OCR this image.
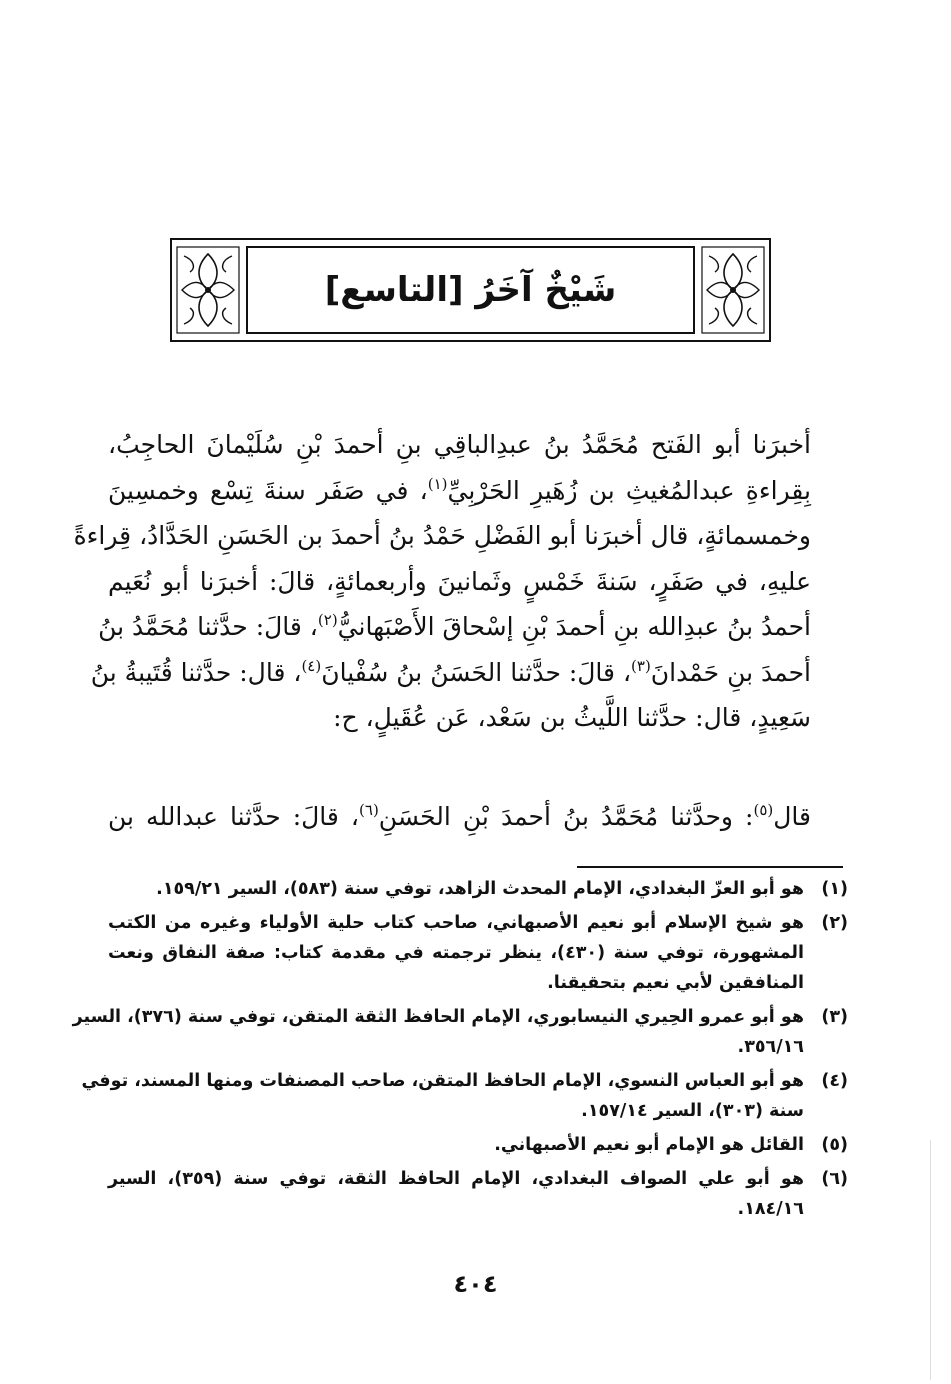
شَيْخٌ آخَرُ [التاسع]
أخبرَنا أبو الفَتح مُحَمَّدُ بنُ عبدِالباقِي بنِ أحمدَ بْنِ سُلَيْمانَ الحاجِبُ،
بِقِراءةِ عبدالمُغيثِ بن زُهَيرِ الحَرْبِيِّ$^{(١)}$، في صَفَر سنةَ تِسْع وخمسِينَ
وخمسمائةٍ، قال أخبرَنا أبو الفَضْلِ حَمْدُ بنُ أحمدَ بن الحَسَنِ الحَدَّادُ، قِراءةً
عليهِ، في صَفَرٍ، سَنةَ خَمْسٍ وثَمانينَ وأربعمائةٍ، قالَ: أخبرَنا أبو نُعَيم
أحمدُ بنُ عبدِالله بنِ أحمدَ بْنِ إسْحاقَ الأَصْبَهانيُّ$^{(٢)}$، قالَ: حدَّثنا مُحَمَّدُ بنُ
أحمدَ بنِ حَمْدانَ$^{(٣)}$، قالَ: حدَّثنا الحَسَنُ بنُ سُفْيانَ$^{(٤)}$، قال: حدَّثنا قُتَيبةُ بنُ
سَعِيدٍ، قال: حدَّثنا اللَّيثُ بن سَعْد، عَن عُقَيلٍ، ح:
قال$^{(٥)}$: وحدَّثنا مُحَمَّدُ بنُ أحمدَ بْنِ الحَسَنِ$^{(٦)}$، قالَ: حدَّثنا عبدالله بن
(١)
هو أبو العزّ البغدادي، الإمام المحدث الزاهد، توفي سنة (٥٨٣)، السير ١٥٩/٢١.
(٢)
هو شيخ الإسلام أبو نعيم الأصبهاني، صاحب كتاب حلية الأولياء وغيره من الكتب
المشهورة، توفي سنة (٤٣٠)، ينظر ترجمته في مقدمة كتاب: صفة النفاق ونعت
المنافقين لأبي نعيم بتحقيقنا.
(٣)
هو أبو عمرو الحِيري النيسابوري، الإمام الحافظ الثقة المتقن، توفي سنة (٣٧٦)، السير
٣٥٦/١٦.
(٤)
هو أبو العباس النسوي، الإمام الحافظ المتقن، صاحب المصنفات ومنها المسند، توفي
سنة (٣٠٣)، السير ١٥٧/١٤.
(٥)
القائل هو الإمام أبو نعيم الأصبهاني.
(٦)
هو أبو علي الصواف البغدادي، الإمام الحافظ الثقة، توفي سنة (٣٥٩)، السير
١٨٤/١٦.
٤٠٤
